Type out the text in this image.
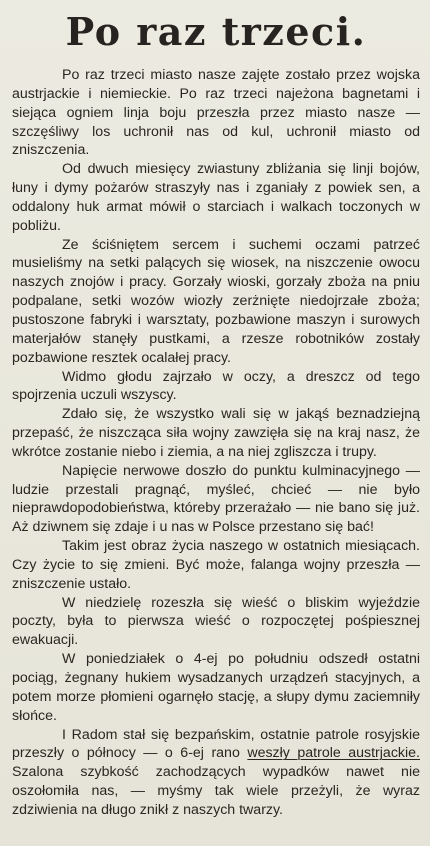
Po raz trzeci.

Po raz trzeci miasto nasze zajęte zostało przez wojska austrjackie i niemieckie. Po raz trzeci najeżona bagnetami i siejąca ogniem linja boju przeszła przez miasto nasze — szczęśliwy los uchronił nas od kul, uchronił miasto od zniszczenia.

Od dwuch miesięcy zwiastuny zbliżania się linji bojów, łuny i dymy pożarów straszyły nas i zganiały z powiek sen, a oddalony huk armat mówił o starciach i walkach toczonych w pobliżu.

Ze ściśniętem sercem i suchemi oczami patrzeć musieliśmy na setki palących się wiosek, na niszczenie owocu naszych znojów i pracy. Gorzały wioski, gorzały zboża na pniu podpalane, setki wozów wiozły zerżnięte niedojrzałe zboża; pustoszone fabryki i warsztaty, pozbawione maszyn i surowych materjałów stanęły pustkami, a rzesze robotników zostały pozbawione resztek ocalałej pracy.

Widmo głodu zajrzało w oczy, a dreszcz od tego spojrzenia uczuli wszyscy.

Zdało się, że wszystko wali się w jakąś beznadziejną przepaść, że niszcząca siła wojny zawzięła się na kraj nasz, że wkrótce zostanie niebo i ziemia, a na niej zgliszcza i trupy.

Napięcie nerwowe doszło do punktu kulminacyjnego — ludzie przestali pragnąć, myśleć, chcieć — nie było nieprawdopodobieństwa, któreby przerażało — nie bano się już. Aż dziwnem się zdaje i u nas w Polsce przestano się bać!

Takim jest obraz życia naszego w ostatnich miesiącach. Czy życie to się zmieni. Być może, falanga wojny przeszła — zniszczenie ustało.

W niedzielę rozeszła się wieść o bliskim wyjeździe poczty, była to pierwsza wieść o rozpoczętej pośpiesznej ewakuacji.

W poniedziałek o 4-ej po południu odszedł ostatni pociąg, żegnany hukiem wysadzanych urządzeń stacyjnych, a potem morze płomieni ogarnęło stację, a słupy dymu zaciemniły słońce.

I Radom stał się bezpańskim, ostatnie patrole rosyjskie przeszły o północy — o 6-ej rano weszły patrole austrjackie. Szalona szybkość zachodzących wypadków nawet nie oszołomiła nas, — myśmy tak wiele przeżyli, że wyraz zdziwienia na długo znikł z naszych twarzy.
